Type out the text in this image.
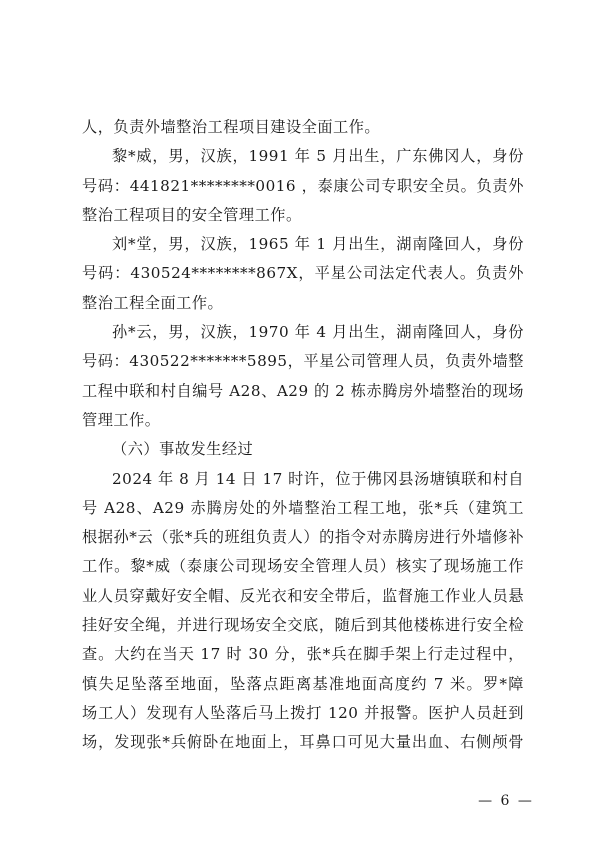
人，负责外墙整治工程项目建设全面工作。
黎*威，男，汉族，1991 年 5 月出生，广东佛冈人，身份
号码：441821********0016 ，泰康公司专职安全员。负责外
整治工程项目的安全管理工作。
刘*堂，男，汉族，1965 年 1 月出生，湖南隆回人，身份
号码：430524********867X，平星公司法定代表人。负责外
整治工程全面工作。
孙*云，男，汉族，1970 年 4 月出生，湖南隆回人，身份
号码：430522*******5895，平星公司管理人员，负责外墙整
工程中联和村自编号 A28、A29 的 2 栋赤腾房外墙整治的现场
管理工作。
（六）事故发生经过
2024 年 8 月 14 日 17 时许，位于佛冈县汤塘镇联和村自
号 A28、A29 赤腾房处的外墙整治工程工地，张*兵（建筑工
根据孙*云（张*兵的班组负责人）的指令对赤腾房进行外墙修补
工作。黎*威（泰康公司现场安全管理人员）核实了现场施工作
业人员穿戴好安全帽、反光衣和安全带后，监督施工作业人员悬
挂好安全绳，并进行现场安全交底，随后到其他楼栋进行安全检
查。大约在当天 17 时 30 分，张*兵在脚手架上行走过程中，
慎失足坠落至地面，坠落点距离基准地面高度约 7 米。罗*障
场工人）发现有人坠落后马上拨打 120 并报警。医护人员赶到
场，发现张*兵俯卧在地面上，耳鼻口可见大量出血、右侧颅骨
— 6 —
